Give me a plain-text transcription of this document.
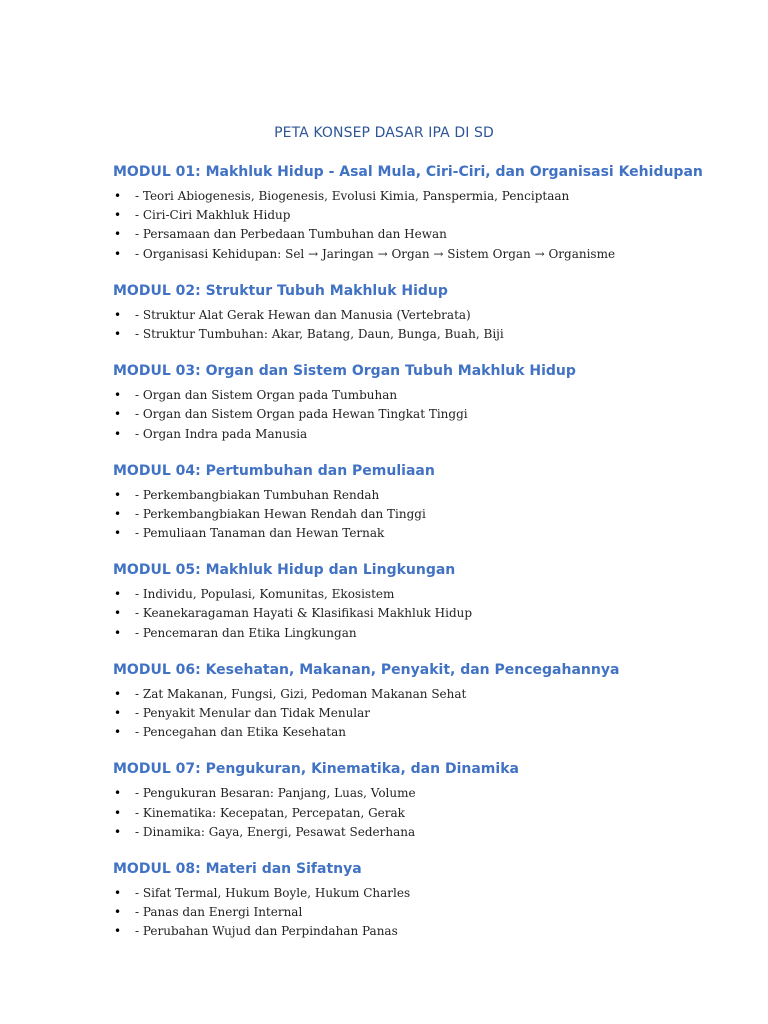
PETA KONSEP DASAR IPA DI SD
MODUL 01: Makhluk Hidup - Asal Mula, Ciri-Ciri, dan Organisasi Kehidupan
• - Teori Abiogenesis, Biogenesis, Evolusi Kimia, Panspermia, Penciptaan
• - Ciri-Ciri Makhluk Hidup
• - Persamaan dan Perbedaan Tumbuhan dan Hewan
• - Organisasi Kehidupan: Sel → Jaringan → Organ → Sistem Organ → Organisme
MODUL 02: Struktur Tubuh Makhluk Hidup
• - Struktur Alat Gerak Hewan dan Manusia (Vertebrata)
• - Struktur Tumbuhan: Akar, Batang, Daun, Bunga, Buah, Biji
MODUL 03: Organ dan Sistem Organ Tubuh Makhluk Hidup
• - Organ dan Sistem Organ pada Tumbuhan
• - Organ dan Sistem Organ pada Hewan Tingkat Tinggi
• - Organ Indra pada Manusia
MODUL 04: Pertumbuhan dan Pemuliaan
• - Perkembangbiakan Tumbuhan Rendah
• - Perkembangbiakan Hewan Rendah dan Tinggi
• - Pemuliaan Tanaman dan Hewan Ternak
MODUL 05: Makhluk Hidup dan Lingkungan
• - Individu, Populasi, Komunitas, Ekosistem
• - Keanekaragaman Hayati & Klasifikasi Makhluk Hidup
• - Pencemaran dan Etika Lingkungan
MODUL 06: Kesehatan, Makanan, Penyakit, dan Pencegahannya
• - Zat Makanan, Fungsi, Gizi, Pedoman Makanan Sehat
• - Penyakit Menular dan Tidak Menular
• - Pencegahan dan Etika Kesehatan
MODUL 07: Pengukuran, Kinematika, dan Dinamika
• - Pengukuran Besaran: Panjang, Luas, Volume
• - Kinematika: Kecepatan, Percepatan, Gerak
• - Dinamika: Gaya, Energi, Pesawat Sederhana
MODUL 08: Materi dan Sifatnya
• - Sifat Termal, Hukum Boyle, Hukum Charles
• - Panas dan Energi Internal
• - Perubahan Wujud dan Perpindahan Panas
